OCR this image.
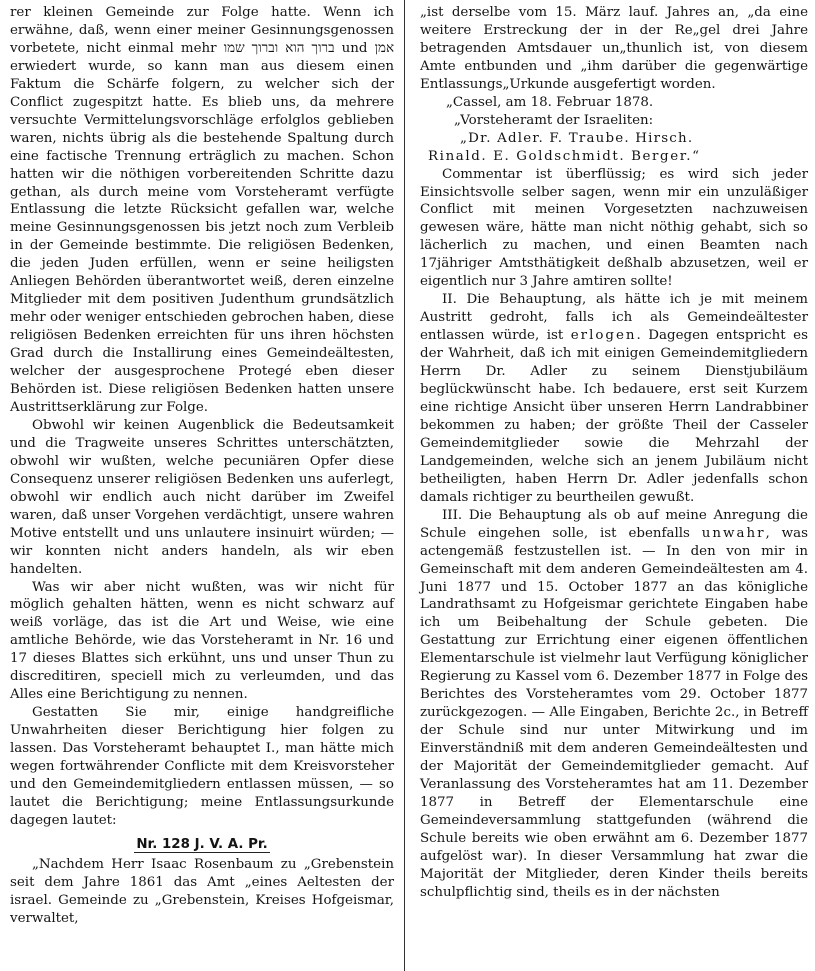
rer kleinen Gemeinde zur Folge hatte. Wenn ich erwähne, daß, wenn einer meiner Gesinnungsgenossen vorbetete, nicht einmal mehr ברוך הוא וברוך שמו und אמן erwiedert wurde, so kann man aus diesem einen Faktum die Schärfe folgern, zu welcher sich der Conflict zugespitzt hatte. Es blieb uns, da mehrere versuchte Vermittelungsvorschläge erfolglos geblieben waren, nichts übrig als die bestehende Spaltung durch eine factische Trennung erträglich zu machen. Schon hatten wir die nöthigen vorbereitenden Schritte dazu gethan, als durch meine vom Vorsteheramt verfügte Entlassung die letzte Rücksicht gefallen war, welche meine Gesinnungsgenossen bis jetzt noch zum Verbleib in der Gemeinde bestimmte. Die religiösen Bedenken, die jeden Juden erfüllen, wenn er seine heiligsten Anliegen Behörden überantwortet weiß, deren einzelne Mitglieder mit dem positiven Judenthum grundsätzlich mehr oder weniger entschieden gebrochen haben, diese religiösen Bedenken erreichten für uns ihren höchsten Grad durch die Installirung eines Gemeindeältesten, welcher der ausgesprochene Protegé eben dieser Behörden ist. Diese religiösen Bedenken hatten unsere Austrittserklärung zur Folge.

Obwohl wir keinen Augenblick die Bedeutsamkeit und die Tragweite unseres Schrittes unterschätzten, obwohl wir wußten, welche pecuniären Opfer diese Consequenz unserer religiösen Bedenken uns auferlegt, obwohl wir endlich auch nicht darüber im Zweifel waren, daß unser Vorgehen verdächtigt, unsere wahren Motive entstellt und uns unlautere insinuirt würden; — wir konnten nicht anders handeln, als wir eben handelten.

Was wir aber nicht wußten, was wir nicht für möglich gehalten hätten, wenn es nicht schwarz auf weiß vorläge, das ist die Art und Weise, wie eine amtliche Behörde, wie das Vorsteheramt in Nr. 16 und 17 dieses Blattes sich erkühnt, uns und unser Thun zu discreditiren, speciell mich zu verleumden, und das Alles eine Berichtigung zu nennen.

Gestatten Sie mir, einige handgreifliche Unwahrheiten dieser Berichtigung hier folgen zu lassen. Das Vorsteheramt behauptet I., man hätte mich wegen fortwährender Conflicte mit dem Kreisvorsteher und den Gemeindemitgliedern entlassen müssen, — so lautet die Berichtigung; meine Entlassungsurkunde dagegen lautet:

Nr. 128 J. V. A. Pr.

„Nachdem Herr Isaac Rosenbaum zu „Grebenstein seit dem Jahre 1861 das Amt „eines Aeltesten der israel. Gemeinde zu „Grebenstein, Kreises Hofgeismar, verwaltet,

„ist derselbe vom 15. März lauf. Jahres an, „da eine weitere Erstreckung der in der Re„gel drei Jahre betragenden Amtsdauer un„thunlich ist, von diesem Amte entbunden und „ihm darüber die gegenwärtige Entlassungs„Urkunde ausgefertigt worden.

„Cassel, am 18. Februar 1878.

„Vorsteheramt der Israeliten:

„Dr. Adler. F. Traube. Hirsch.

Rinald. E. Goldschmidt. Berger.“

Commentar ist überflüssig; es wird sich jeder Einsichtsvolle selber sagen, wenn mir ein unzuläßiger Conflict mit meinen Vorgesetzten nachzuweisen gewesen wäre, hätte man nicht nöthig gehabt, sich so lächerlich zu machen, und einen Beamten nach 17jähriger Amtsthätigkeit deßhalb abzusetzen, weil er eigentlich nur 3 Jahre amtiren sollte!

II. Die Behauptung, als hätte ich je mit meinem Austritt gedroht, falls ich als Gemeindeältester entlassen würde, ist erlogen. Dagegen entspricht es der Wahrheit, daß ich mit einigen Gemeindemitgliedern Herrn Dr. Adler zu seinem Dienstjubiläum beglückwünscht habe. Ich bedauere, erst seit Kurzem eine richtige Ansicht über unseren Herrn Landrabbiner bekommen zu haben; der größte Theil der Casseler Gemeindemitglieder sowie die Mehrzahl der Landgemeinden, welche sich an jenem Jubiläum nicht betheiligten, haben Herrn Dr. Adler jedenfalls schon damals richtiger zu beurtheilen gewußt.

III. Die Behauptung als ob auf meine Anregung die Schule eingehen solle, ist ebenfalls unwahr, was actengemäß festzustellen ist. — In den von mir in Gemeinschaft mit dem anderen Gemeindeältesten am 4. Juni 1877 und 15. October 1877 an das königliche Landrathsamt zu Hofgeismar gerichtete Eingaben habe ich um Beibehaltung der Schule gebeten. Die Gestattung zur Errichtung einer eigenen öffentlichen Elementarschule ist vielmehr laut Verfügung königlicher Regierung zu Kassel vom 6. Dezember 1877 in Folge des Berichtes des Vorsteheramtes vom 29. October 1877 zurückgezogen. — Alle Eingaben, Berichte 2c., in Betreff der Schule sind nur unter Mitwirkung und im Einverständniß mit dem anderen Gemeindeältesten und der Majorität der Gemeindemitglieder gemacht. Auf Veranlassung des Vorsteheramtes hat am 11. Dezember 1877 in Betreff der Elementarschule eine Gemeindeversammlung stattgefunden (während die Schule bereits wie oben erwähnt am 6. Dezember 1877 aufgelöst war). In dieser Versammlung hat zwar die Majorität der Mitglieder, deren Kinder theils bereits schulpflichtig sind, theils es in der nächsten
